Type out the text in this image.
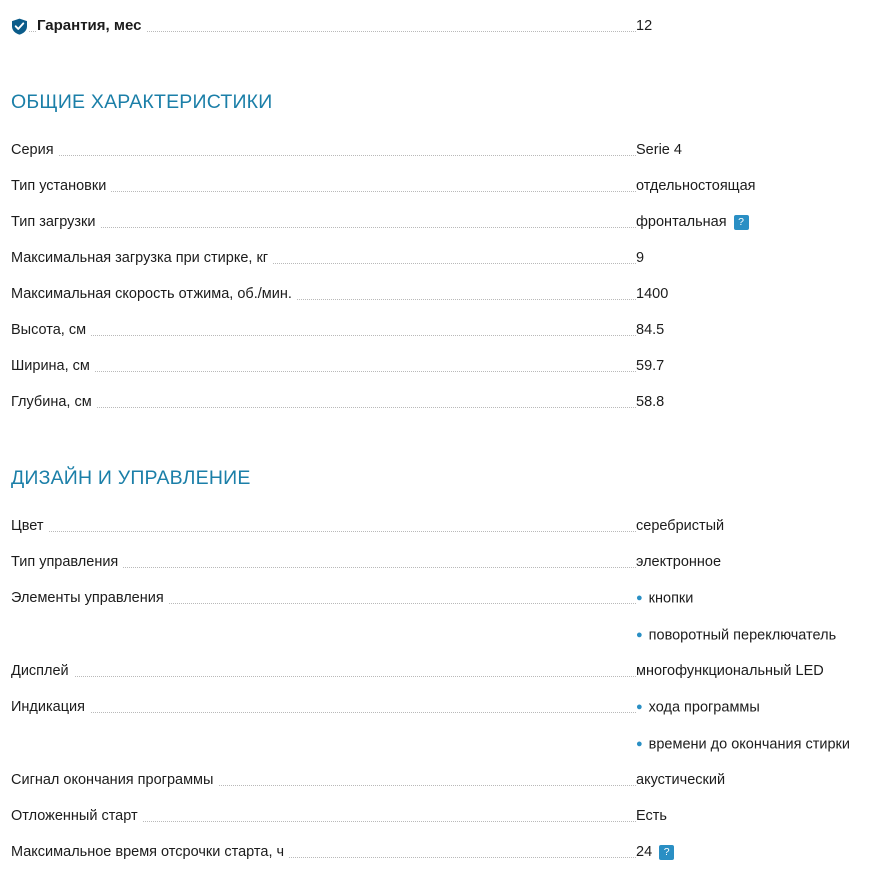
Гарантия, мес	12
ОБЩИЕ ХАРАКТЕРИСТИКИ
Серия	Serie 4
Тип установки	отдельностоящая
Тип загрузки	фронтальная ?
Максимальная загрузка при стирке, кг	9
Максимальная скорость отжима, об./мин.	1400
Высота, см	84.5
Ширина, см	59.7
Глубина, см	58.8
ДИЗАЙН И УПРАВЛЕНИЕ
Цвет	серебристый
Тип управления	электронное
Элементы управления	● кнопки
● поворотный переключатель
Дисплей	многофункциональный LED
Индикация	● хода программы
● времени до окончания стирки
Сигнал окончания программы	акустический
Отложенный старт	Есть
Максимальное время отсрочки старта, ч	24 ?
